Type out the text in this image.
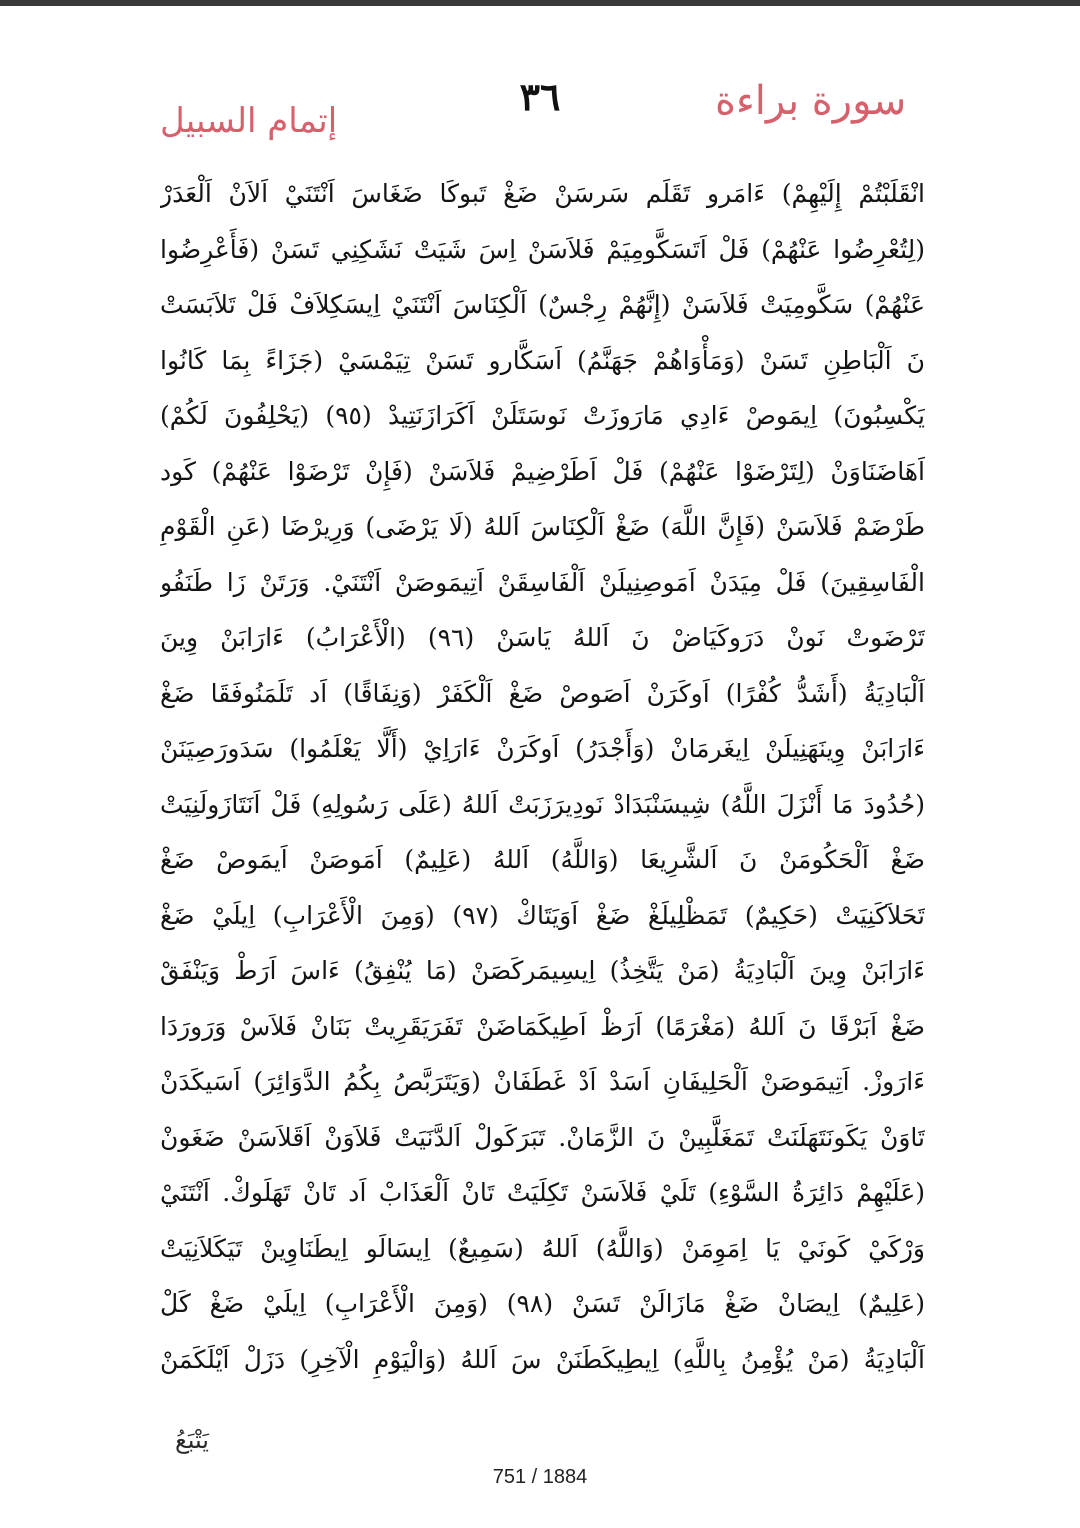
إتمام السبيل
٣٦	سورة براءة
انْقَلَبْتُمْ إِلَيْهِمْ) ءَامَرو تَقَلَم سَرسَنْ ضَغْ تَبوكَا ضَغَاسَ اَنْتَنَيْ اَلاَنْ اَلْعَدَرْ
(لِتُعْرِضُوا عَنْهُمْ) فَلْ اَتَسَكَّومِيَمْ فَلاَسَنْ اِسَ شَيَتْ نَشَكِنِي تَسَنْ (فَأَعْرِضُوا
عَنْهُمْ) سَكَّومِيَتْ فَلاَسَنْ (إِنَّهُمْ رِجْسٌ) اَلْكِنَاسَ اَنْتَنَيْ اِيسَكِلاَفْ فَلْ تَلاَبَسَتْ
نَ اَلْبَاطِنِ تَسَنْ (وَمَأْوَاهُمْ جَهَنَّمُ) اَسَكَّارو تَسَنْ تِيَمْسَيْ (جَزَاءً بِمَا كَانُوا
يَكْسِبُونَ) اِيمَوصْ ءَادِي مَارَوزَتْ نَوسَتَلَنْ اَكَرَازَنَتِيدْ (٩٥) (يَحْلِفُونَ لَكُمْ)
اَهَاضَنَاوَنْ (لِتَرْضَوْا عَنْهُمْ) فَلْ اَطَرْضِيمْ فَلاَسَنْ (فَإِنْ تَرْضَوْا عَنْهُمْ) كَود
طَرْضَمْ فَلاَسَنْ (فَإِنَّ اللَّهَ) ضَغْ اَلْكِنَاسَ اَللهُ (لَا يَرْضَى) وَرِيرْضَا (عَنِ الْقَوْمِ
الْفَاسِقِينَ) فَلْ مِيَدَنْ اَمَوصِنِيلَنْ اَلْفَاسِقَنْ اَتِيمَوصَنْ اَنْتَنَيْ. وَرَتَنْ زَا طَنَفُو
تَرْضَوتْ نَونْ دَرَوكَيَاضْ نَ اَللهُ يَاسَنْ (٩٦) (الْأَعْرَابُ) ءَارَابَنْ وِينَ
اَلْبَادِيَةُ (أَشَدُّ كُفْرًا) اَوكَرَنْ اَصَوصْ ضَغْ اَلْكَفَرْ (وَنِفَاقًا) اَد تَلَمَنُوفَقَا ضَغْ
ءَارَابَنْ وِينَهَنِيلَنْ اِيغَرمَانْ (وَأَجْدَرُ) اَوكَرَنْ ءَارَاِيْ (أَلَّا يَعْلَمُوا) سَدَورَصِيَنَنْ
(حُدُودَ مَا أَنْزَلَ اللَّهُ) شِيسَنْبَدَادْ نَودِيرَزَبَتْ اَللهُ (عَلَى رَسُولِهِ) فَلْ اَنَتَازَولَنِيَتْ
ضَغْ اَلْحَكُومَنْ نَ اَلشَّرِيعَا (وَاللَّهُ) اَللهُ (عَلِيمٌ) اَمَوصَنْ اَيمَوصْ ضَغْ
تَحَلاَكَنِيَتْ (حَكِيمٌ) تَمَظْلِيلَغْ ضَغْ اَوَيَتَاكْ (٩٧) (وَمِنَ الْأَعْرَابِ) اِيلَيْ ضَغْ
ءَارَابَنْ وِينَ اَلْبَادِيَةُ (مَنْ يَتَّخِذُ) اِيسِيمَركَصَنْ (مَا يُنْفِقُ) ءَاسَ اَرَطْ وَيَنْفَقْ
ضَغْ اَبَرْقَا نَ اَللهُ (مَغْرَمًا) اَرَظْ اَطِيكَمَاضَنْ تَفَرَيَقَرِيتْ بَنَانْ فَلاَسْ وَرَورَدَا
ءَارَوزْ. اَتِيمَوصَنْ اَلْحَلِيفَانِ اَسَدْ اَدْ غَطَفَانْ (وَيَتَرَبَّصُ بِكُمُ الدَّوَائِرَ) اَسَيكَدَنْ
تَاوَنْ يَكَونَتَهَلَنَتْ تَمَغَلَّبِينْ نَ الزَّمَانْ. تَبَرَكَولْ اَلدَّنَيَتْ فَلاَوَنْ اَقَلاَسَنْ ضَغَونْ
(عَلَيْهِمْ دَائِرَةُ السَّوْءِ) تَلَيْ فَلاَسَنْ تَكِلَيَتْ تَانْ اَلْعَذَابْ اَد تَانْ تَهَلَوكْ. اَنْتَنَيْ
وَرْكَيْ كَونَيْ يَا اِمَوِمَنْ (وَاللَّهُ) اَللهُ (سَمِيعٌ) اِيسَالَو اِيطَنَاوِينْ تَيَكَلاَنِيَتْ
(عَلِيمٌ) اِيصَانْ ضَغْ مَازَالَنْ تَسَنْ (٩٨) (وَمِنَ الْأَعْرَابِ) اِيلَيْ ضَغْ كَلْ
اَلْبَادِيَةُ (مَنْ يُؤْمِنُ بِاللَّهِ) اِيطِيكَطَنَنْ سَ اَللهُ (وَالْيَوْمِ الْآخِرِ) دَزَلْ اَيْلَكَمَنْ
يَتْبَعُ
751 / 1884
